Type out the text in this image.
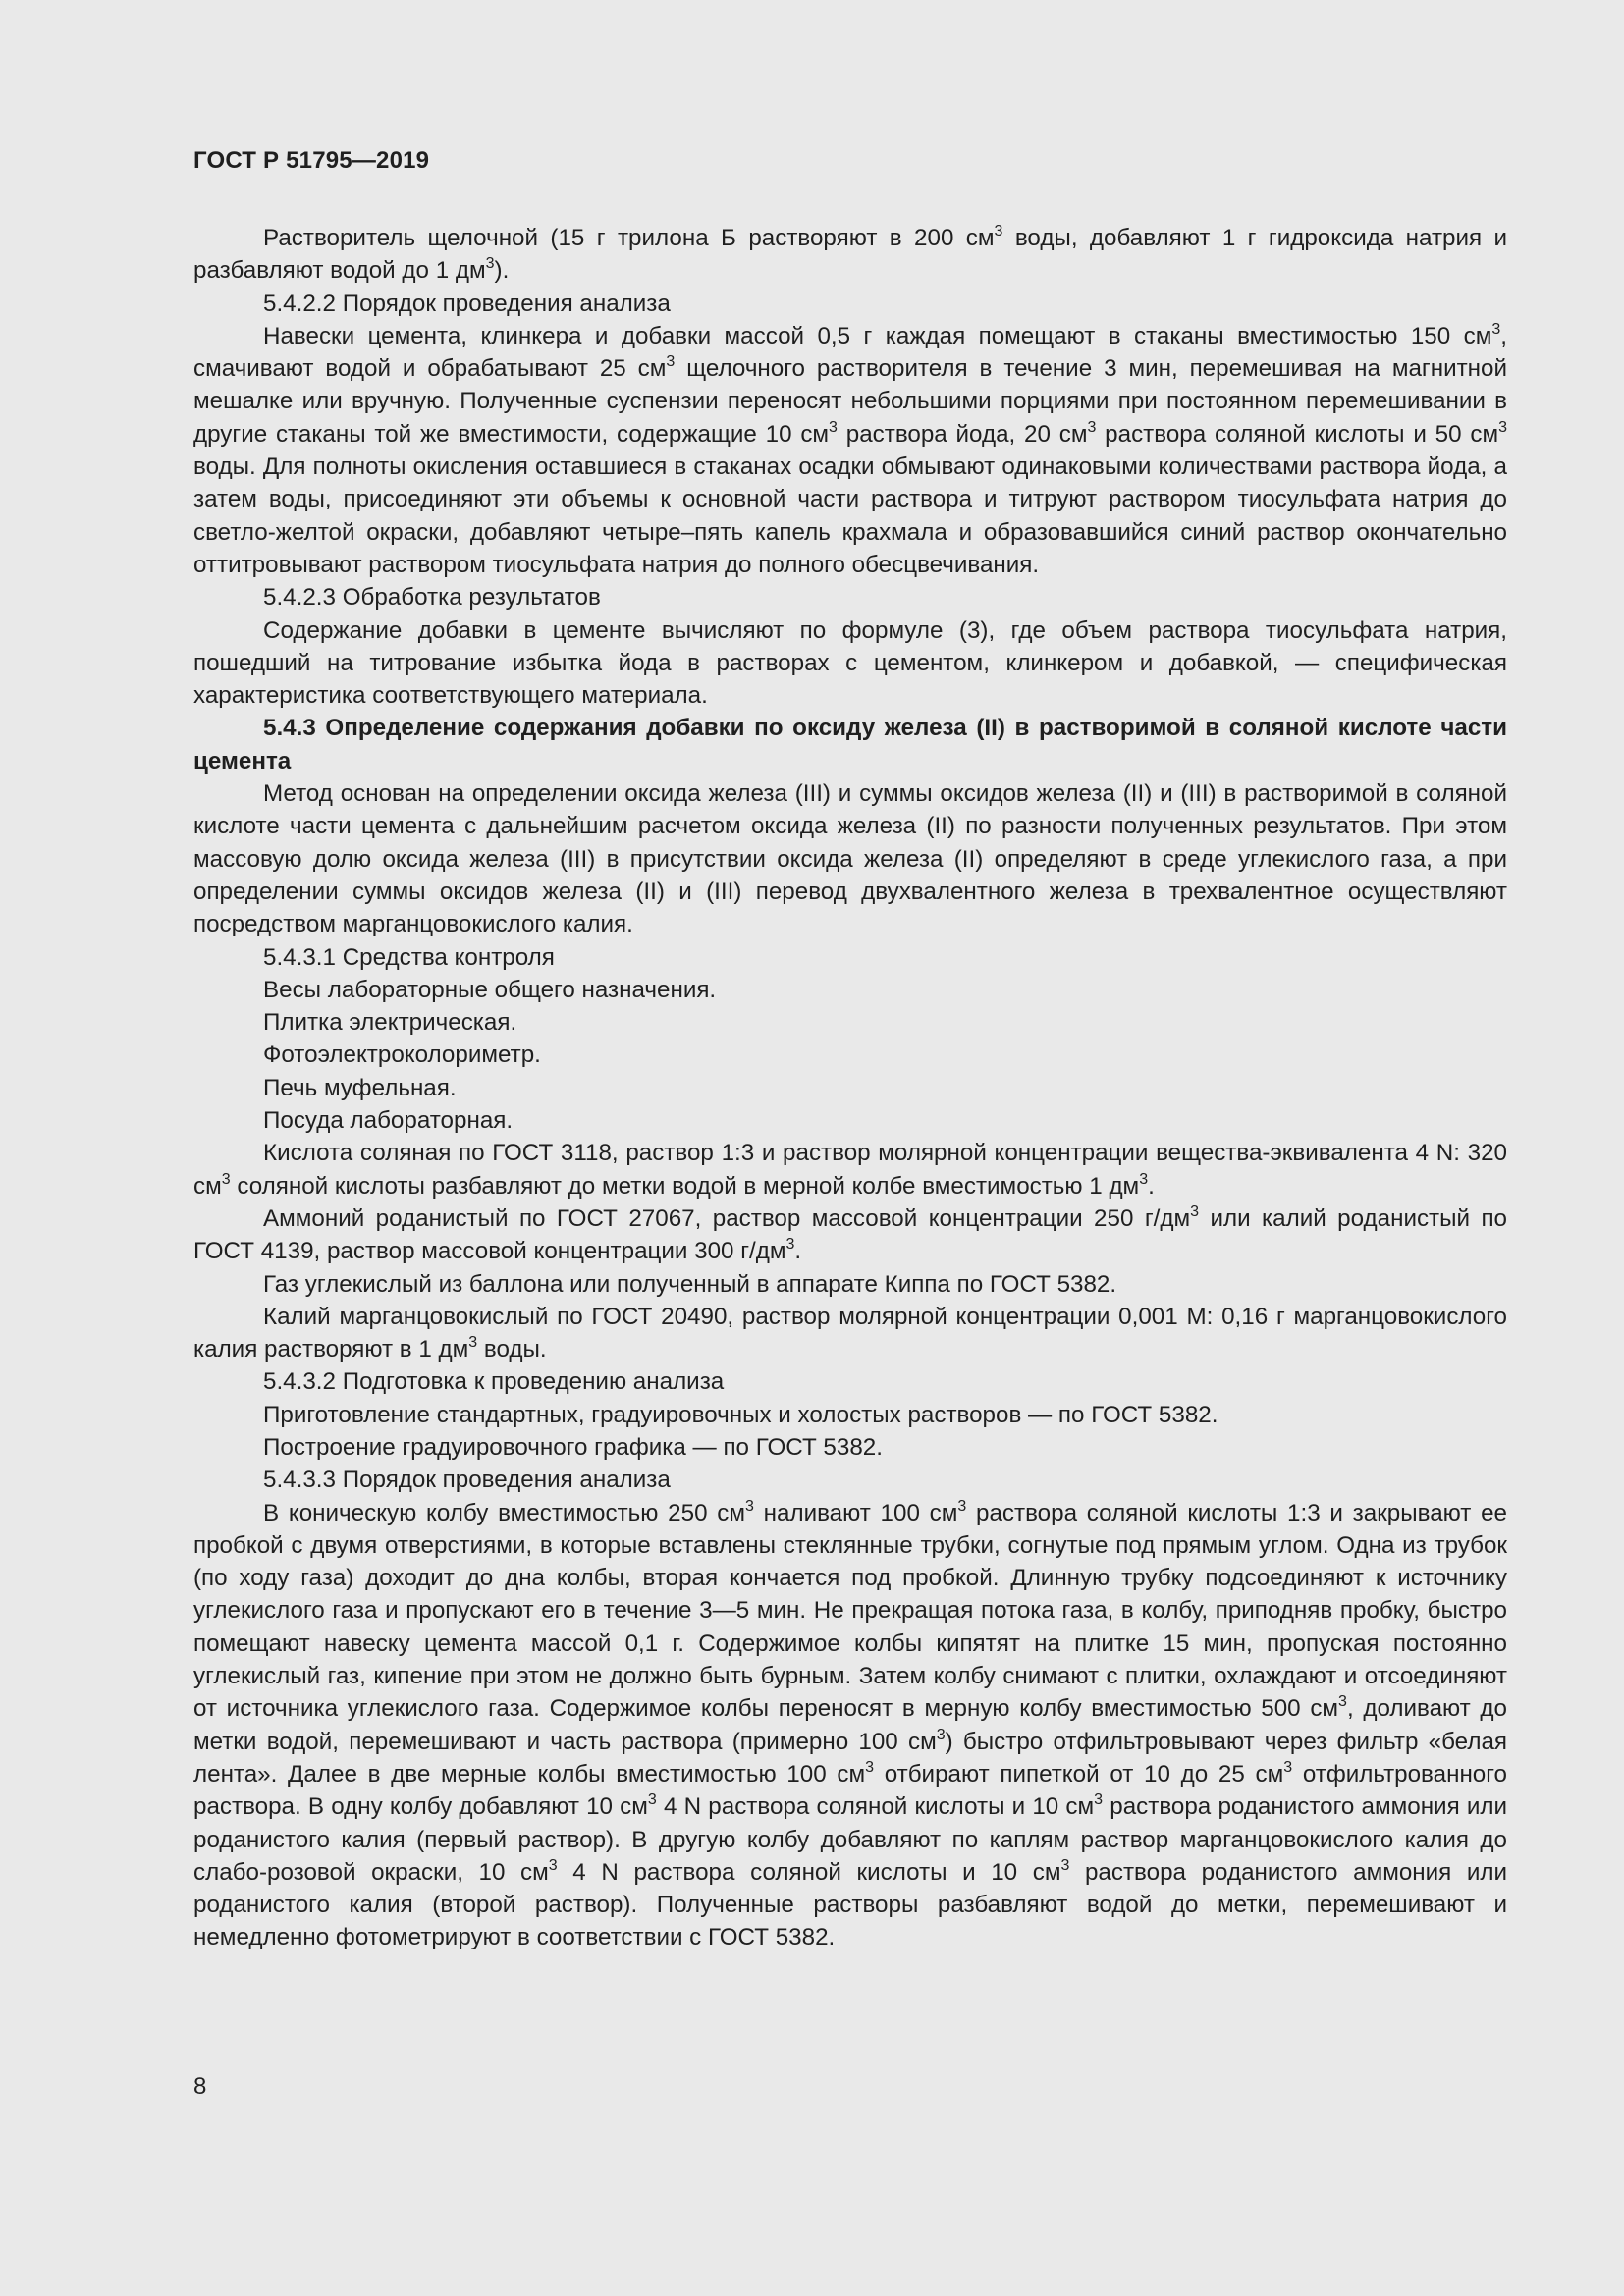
ГОСТ Р 51795—2019

Растворитель щелочной (15 г трилона Б растворяют в 200 $см^3$ воды, добавляют 1 г гидроксида натрия и разбавляют водой до 1 $дм^3$).

5.4.2.2 Порядок проведения анализа

Навески цемента, клинкера и добавки массой 0,5 г каждая помещают в стаканы вместимостью 150 $см^3$, смачивают водой и обрабатывают 25 $см^3$ щелочного растворителя в течение 3 мин, перемешивая на магнитной мешалке или вручную. Полученные суспензии переносят небольшими порциями при постоянном перемешивании в другие стаканы той же вместимости, содержащие 10 $см^3$ раствора йода, 20 $см^3$ раствора соляной кислоты и 50 $см^3$ воды. Для полноты окисления оставшиеся в стаканах осадки обмывают одинаковыми количествами раствора йода, а затем воды, присоединяют эти объемы к основной части раствора и титруют раствором тиосульфата натрия до светло-желтой окраски, добавляют четыре–пять капель крахмала и образовавшийся синий раствор окончательно оттитровывают раствором тиосульфата натрия до полного обесцвечивания.

5.4.2.3 Обработка результатов

Содержание добавки в цементе вычисляют по формуле (3), где объем раствора тиосульфата натрия, пошедший на титрование избытка йода в растворах с цементом, клинкером и добавкой, — специфическая характеристика соответствующего материала.

5.4.3 Определение содержания добавки по оксиду железа (II) в растворимой в соляной кислоте части цемента

Метод основан на определении оксида железа (III) и суммы оксидов железа (II) и (III) в растворимой в соляной кислоте части цемента с дальнейшим расчетом оксида железа (II) по разности полученных результатов. При этом массовую долю оксида железа (III) в присутствии оксида железа (II) определяют в среде углекислого газа, а при определении суммы оксидов железа (II) и (III) перевод двухвалентного железа в трехвалентное осуществляют посредством марганцовокислого калия.

5.4.3.1 Средства контроля

Весы лабораторные общего назначения.

Плитка электрическая.

Фотоэлектроколориметр.

Печь муфельная.

Посуда лабораторная.

Кислота соляная по ГОСТ 3118, раствор 1:3 и раствор молярной концентрации вещества-эквивалента 4 N: 320 $см^3$ соляной кислоты разбавляют до метки водой в мерной колбе вместимостью 1 $дм^3$.

Аммоний роданистый по ГОСТ 27067, раствор массовой концентрации 250 $г/дм^3$ или калий роданистый по ГОСТ 4139, раствор массовой концентрации 300 $г/дм^3$.

Газ углекислый из баллона или полученный в аппарате Киппа по ГОСТ 5382.

Калий марганцовокислый по ГОСТ 20490, раствор молярной концентрации 0,001 М: 0,16 г марганцовокислого калия растворяют в 1 $дм^3$ воды.

5.4.3.2 Подготовка к проведению анализа

Приготовление стандартных, градуировочных и холостых растворов — по ГОСТ 5382.

Построение градуировочного графика — по ГОСТ 5382.

5.4.3.3 Порядок проведения анализа

В коническую колбу вместимостью 250 $см^3$ наливают 100 $см^3$ раствора соляной кислоты 1:3 и закрывают ее пробкой с двумя отверстиями, в которые вставлены стеклянные трубки, согнутые под прямым углом. Одна из трубок (по ходу газа) доходит до дна колбы, вторая кончается под пробкой. Длинную трубку подсоединяют к источнику углекислого газа и пропускают его в течение 3—5 мин. Не прекращая потока газа, в колбу, приподняв пробку, быстро помещают навеску цемента массой 0,1 г. Содержимое колбы кипятят на плитке 15 мин, пропуская постоянно углекислый газ, кипение при этом не должно быть бурным. Затем колбу снимают с плитки, охлаждают и отсоединяют от источника углекислого газа. Содержимое колбы переносят в мерную колбу вместимостью 500 $см^3$, доливают до метки водой, перемешивают и часть раствора (примерно 100 $см^3$) быстро отфильтровывают через фильтр «белая лента». Далее в две мерные колбы вместимостью 100 $см^3$ отбирают пипеткой от 10 до 25 $см^3$ отфильтрованного раствора. В одну колбу добавляют 10 $см^3$ 4 N раствора соляной кислоты и 10 $см^3$ раствора роданистого аммония или роданистого калия (первый раствор). В другую колбу добавляют по каплям раствор марганцовокислого калия до слабо-розовой окраски, 10 $см^3$ 4 N раствора соляной кислоты и 10 $см^3$ раствора роданистого аммония или роданистого калия (второй раствор). Полученные растворы разбавляют водой до метки, перемешивают и немедленно фотометрируют в соответствии с ГОСТ 5382.

8
